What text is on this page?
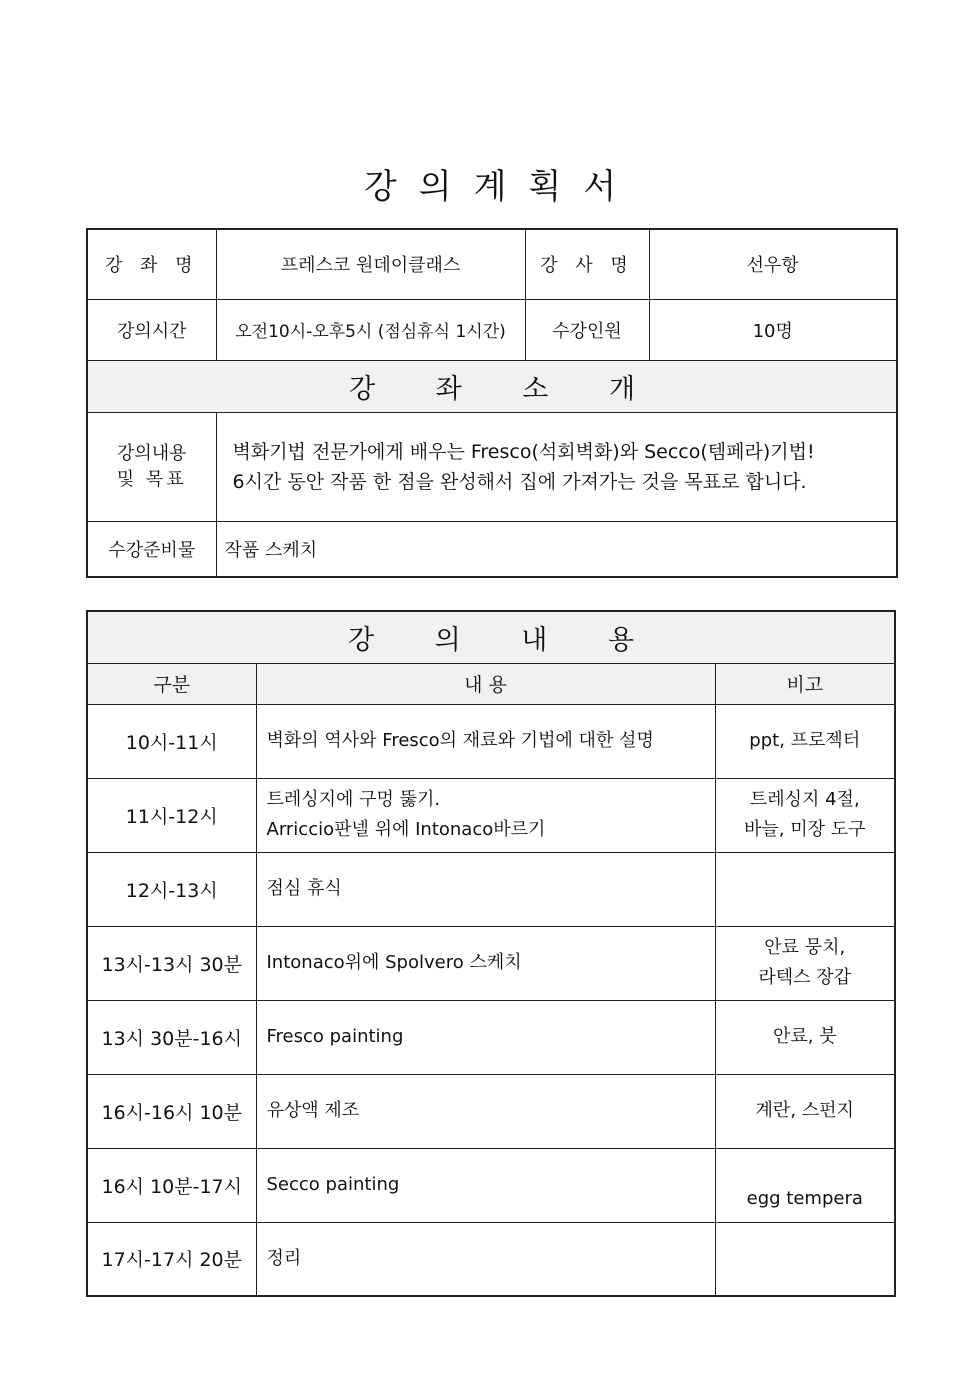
강의계획서
강 좌 명	프레스코 원데이클래스	강 사 명	선우항
강의시간	오전10시-오후5시 (점심휴식 1시간)	수강인원	10명
강 좌 소 개			

강의내용
및 목표	벽화기법 전문가에게 배우는 Fresco(석회벽화)와 Secco(템페라)기법!
6시간 동안 작품 한 점을 완성해서 집에 가져가는 것을 목표로 합니다.		

수강준비물	작품 스케치		
강 의 내 용		
구분	내 용	비고
10시-11시	벽화의 역사와 Fresco의 재료와 기법에 대한 설명	ppt, 프로젝터

11시-12시	트레싱지에 구멍 뚫기.
Arriccio판넬 위에 Intonaco바르기	트레싱지 4절,
바늘, 미장 도구

12시-13시	점심 휴식	

13시-13시 30분	Intonaco위에 Spolvero 스케치	안료 뭉치,
라텍스 장갑

13시 30분-16시	Fresco painting	안료, 붓

16시-16시 10분	유상액 제조	계란, 스펀지

16시 10분-17시	Secco painting	egg tempera

17시-17시 20분	정리	
